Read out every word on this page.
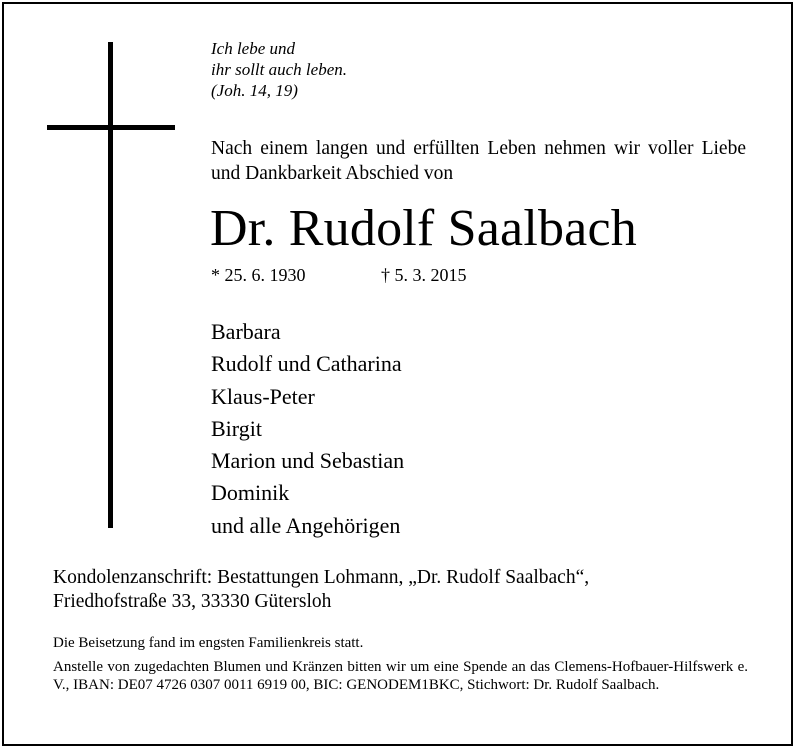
Ich lebe und
ihr sollt auch leben.
(Joh. 14, 19)
Nach einem langen und erfüllten Leben nehmen wir voller Liebe und Dankbarkeit Abschied von
Dr. Rudolf Saalbach
* 25. 6. 1930	† 5. 3. 2015
Barbara
Rudolf und Catharina
Klaus-Peter
Birgit
Marion und Sebastian
Dominik
und alle Angehörigen
Kondolenzanschrift: Bestattungen Lohmann, „Dr. Rudolf Saalbach“,
Friedhofstraße 33, 33330 Gütersloh
Die Beisetzung fand im engsten Familienkreis statt.
Anstelle von zugedachten Blumen und Kränzen bitten wir um eine Spende an das Clemens-Hofbauer-Hilfswerk e. V., IBAN: DE07 4726 0307 0011 6919 00, BIC: GENODEM1BKC, Stichwort: Dr. Rudolf Saalbach.
